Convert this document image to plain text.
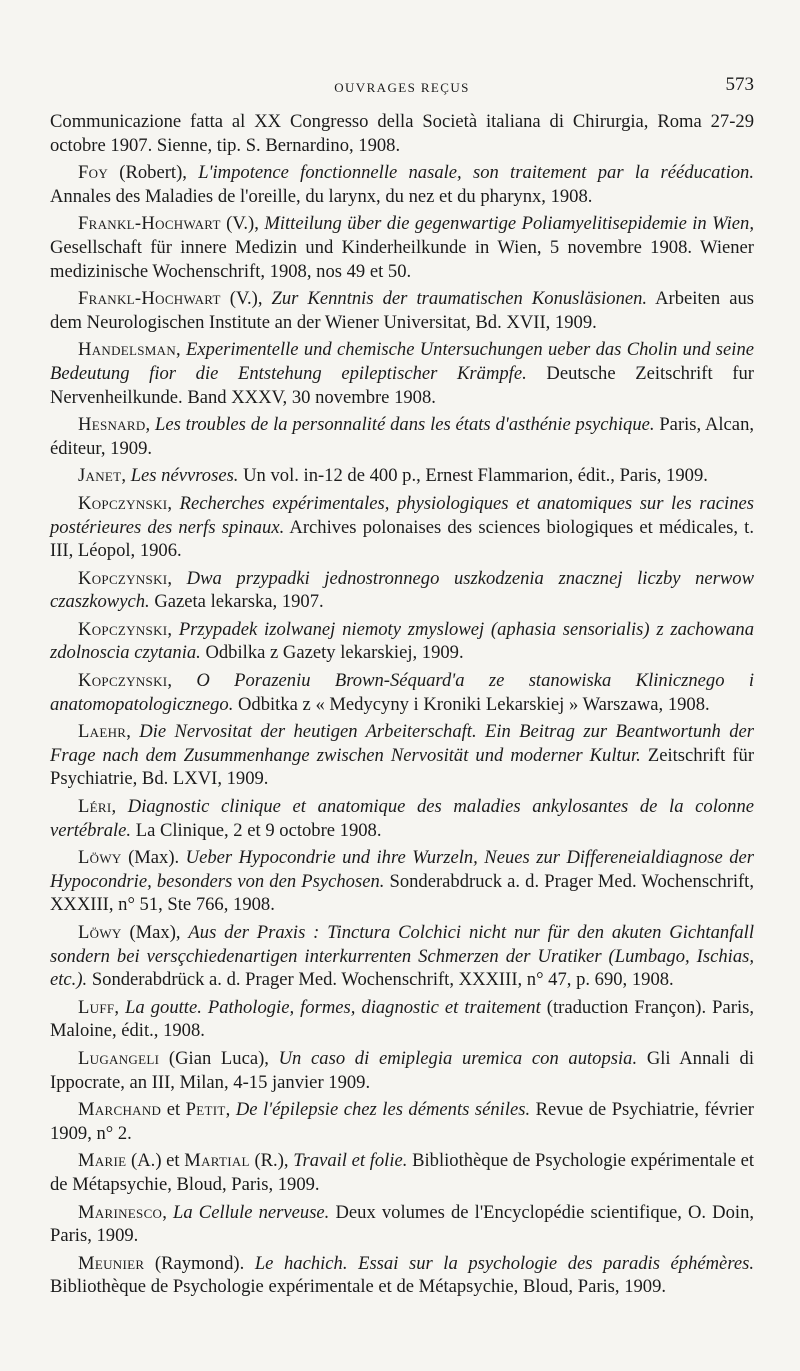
OUVRAGES REÇUS	573
Communicazione fatta al XX Congresso della Società italiana di Chirurgia, Roma 27-29 octobre 1907. Sienne, tip. S. Bernardino, 1908.
Foy (Robert), L'impotence fonctionnelle nasale, son traitement par la rééducation. Annales des Maladies de l'oreille, du larynx, du nez et du pharynx, 1908.
Frankl-Hochwart (V.), Mitteilung über die gegenwartige Poliamyelitisepidemie in Wien, Gesellschaft für innere Medizin und Kinderheilkunde in Wien, 5 novembre 1908. Wiener medizinische Wochenschrift, 1908, nos 49 et 50.
Frankl-Hochwart (V.), Zur Kenntnis der traumatischen Konusläsionen. Arbeiten aus dem Neurologischen Institute an der Wiener Universitat, Bd. XVII, 1909.
Handelsman, Experimentelle und chemische Untersuchungen ueber das Cholin und seine Bedeutung fior die Entstehung epileptischer Krämpfe. Deutsche Zeitschrift fur Nervenheilkunde. Band XXXV, 30 novembre 1908.
Hesnard, Les troubles de la personnalité dans les états d'asthénie psychique. Paris, Alcan, éditeur, 1909.
Janet, Les névvroses. Un vol. in-12 de 400 p., Ernest Flammarion, édit., Paris, 1909.
Kopczynski, Recherches expérimentales, physiologiques et anatomiques sur les racines postérieures des nerfs spinaux. Archives polonaises des sciences biologiques et médicales, t. III, Léopol, 1906.
Kopczynski, Dwa przypadki jednostronnego uszkodzenia znacznej liczby nerwow czaszkowych. Gazeta lekarska, 1907.
Kopczynski, Przypadek izolwanej niemoty zmyslowej (aphasia sensorialis) z zachowana zdolnoscia czytania. Odbilka z Gazety lekarskiej, 1909.
Kopczynski, O Porazeniu Brown-Séquard'a ze stanowiska Klinicznego i anatomopatologicznego. Odbitka z « Medycyny i Kroniki Lekarskiej » Warszawa, 1908.
Laehr, Die Nervositat der heutigen Arbeiterschaft. Ein Beitrag zur Beantwortunh der Frage nach dem Zusummenhange zwischen Nervosität und moderner Kultur. Zeitschrift für Psychiatrie, Bd. LXVI, 1909.
Léri, Diagnostic clinique et anatomique des maladies ankylosantes de la colonne vertébrale. La Clinique, 2 et 9 octobre 1908.
Löwy (Max). Ueber Hypocondrie und ihre Wurzeln, Neues zur Differeneialdiagnose der Hypocondrie, besonders von den Psychosen. Sonderabdruck a. d. Prager Med. Wochenschrift, XXXIII, n° 51, Ste 766, 1908.
Löwy (Max), Aus der Praxis : Tinctura Colchici nicht nur für den akuten Gichtanfall sondern bei versçchiedenartigen interkurrenten Schmerzen der Uratiker (Lumbago, Ischias, etc.). Sonderabdrück a. d. Prager Med. Wochenschrift, XXXIII, n° 47, p. 690, 1908.
Luff, La goutte. Pathologie, formes, diagnostic et traitement (traduction Françon). Paris, Maloine, édit., 1908.
Lugangeli (Gian Luca), Un caso di emiplegia uremica con autopsia. Gli Annali di Ippocrate, an III, Milan, 4-15 janvier 1909.
Marchand et Petit, De l'épilepsie chez les déments séniles. Revue de Psychiatrie, février 1909, n° 2.
Marie (A.) et Martial (R.), Travail et folie. Bibliothèque de Psychologie expérimentale et de Métapsychie, Bloud, Paris, 1909.
Marinesco, La Cellule nerveuse. Deux volumes de l'Encyclopédie scientifique, O. Doin, Paris, 1909.
Meunier (Raymond). Le hachich. Essai sur la psychologie des paradis éphémères. Bibliothèque de Psychologie expérimentale et de Métapsychie, Bloud, Paris, 1909.
